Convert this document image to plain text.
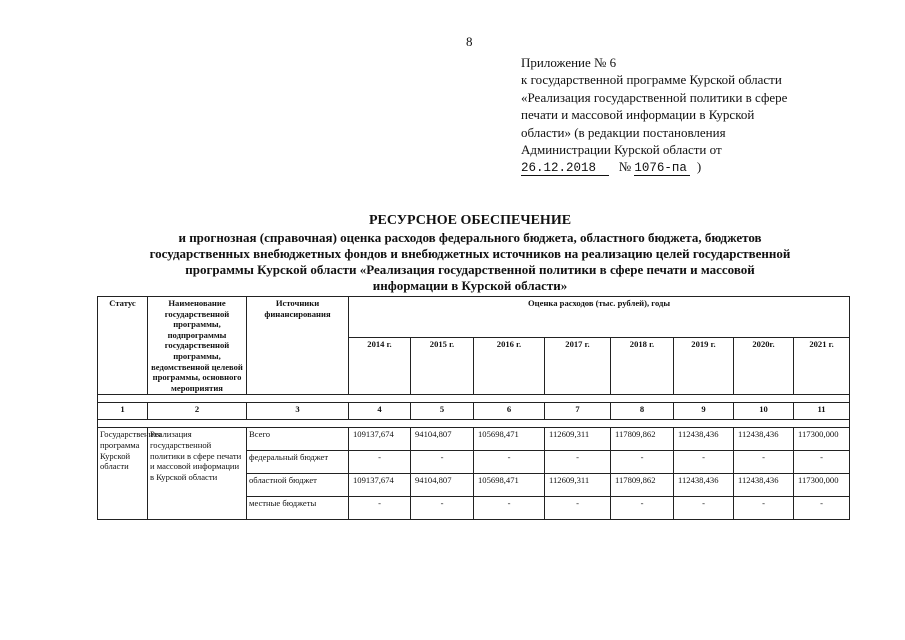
8
Приложение № 6
к государственной программе Курской области
«Реализация государственной политики в сфере
печати и массовой информации в Курской
области» (в редакции постановления
Администрации Курской области от
26.12.2018 № 1076-па )
РЕСУРСНОЕ ОБЕСПЕЧЕНИЕ
и прогнозная (справочная) оценка расходов федерального бюджета, областного бюджета, бюджетов
государственных внебюджетных фондов и внебюджетных источников на реализацию целей государственной
программы Курской области «Реализация государственной политики в сфере печати и массовой
информации в Курской области»
Статус	Наименование государственной программы, подпрограммы государственной программы, ведомственной целевой программы, основного мероприятия	Источники финансирования	Оценка расходов (тыс. рублей), годы							
			2014 г.	2015 г.	2016 г.	2017 г.	2018 г.	2019 г.	2020г.	2021 г.

1	2	3	4	5	6	7	8	9	10	11

Государственная программа Курской области	Реализация государственной политики в сфере печати и массовой информации в Курской области	Всего	109137,674	94104,807	105698,471	112609,311	117809,862	112438,436	112438,436	117300,000
		федеральный бюджет	-	-	-	-	-	-	-	-
		областной бюджет	109137,674	94104,807	105698,471	112609,311	117809,862	112438,436	112438,436	117300,000
		местные бюджеты	-	-	-	-	-	-	-	-
